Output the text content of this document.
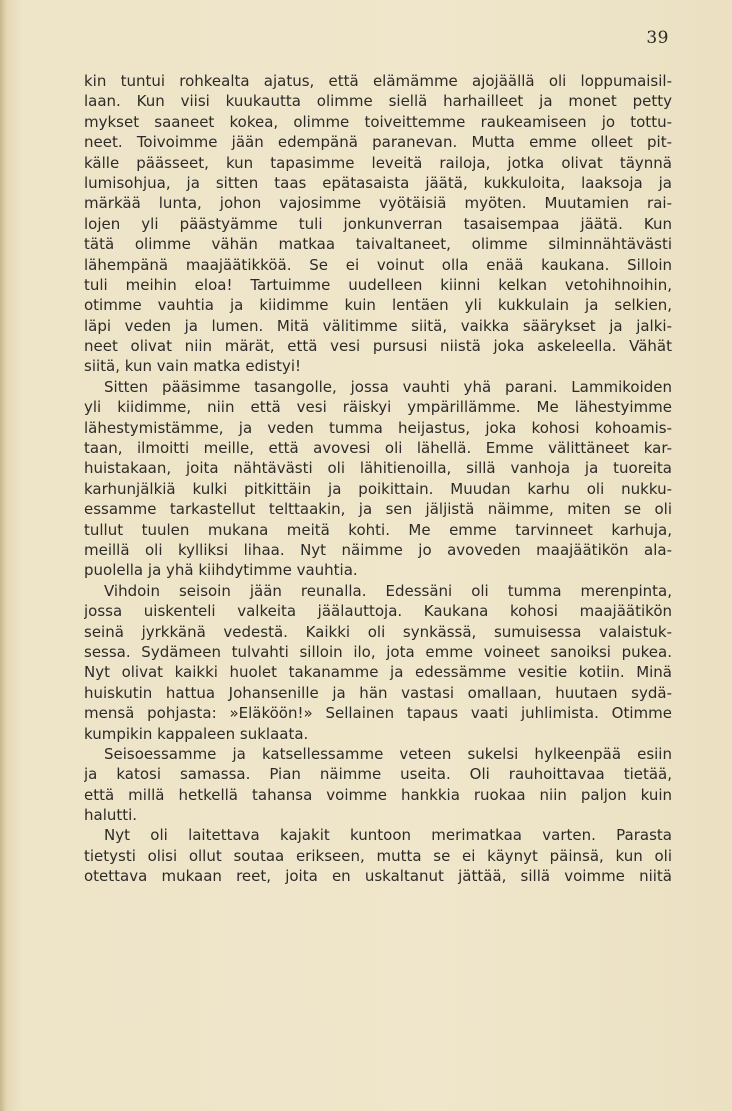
39
kin tuntui rohkealta ajatus, että elämämme ajojäällä oli loppumaisil-
laan. Kun viisi kuukautta olimme siellä harhailleet ja monet petty
mykset saaneet kokea, olimme toiveittemme raukeamiseen jo tottu-
neet. Toivoimme jään edempänä paranevan. Mutta emme olleet pit-
källe päässeet, kun tapasimme leveitä railoja, jotka olivat täynnä
lumisohjua, ja sitten taas epätasaista jäätä, kukkuloita, laaksoja ja
märkää lunta, johon vajosimme vyötäisiä myöten. Muutamien rai-
lojen yli päästyämme tuli jonkunverran tasaisempaa jäätä. Kun
tätä olimme vähän matkaa taivaltaneet, olimme silminnähtävästi
lähempänä maajäätikköä. Se ei voinut olla enää kaukana. Silloin
tuli meihin eloa! Tartuimme uudelleen kiinni kelkan vetohihnoihin,
otimme vauhtia ja kiidimme kuin lentäen yli kukkulain ja selkien,
läpi veden ja lumen. Mitä välitimme siitä, vaikka säärykset ja jalki-
neet olivat niin märät, että vesi pursusi niistä joka askeleella. Vähät
siitä, kun vain matka edistyi!
Sitten pääsimme tasangolle, jossa vauhti yhä parani. Lammikoiden
yli kiidimme, niin että vesi räiskyi ympärillämme. Me lähestyimme
lähestymistämme, ja veden tumma heijastus, joka kohosi kohoamis-
taan, ilmoitti meille, että avovesi oli lähellä. Emme välittäneet kar-
huistakaan, joita nähtävästi oli lähitienoilla, sillä vanhoja ja tuoreita
karhunjälkiä kulki pitkittäin ja poikittain. Muudan karhu oli nukku-
essamme tarkastellut telttaakin, ja sen jäljistä näimme, miten se oli
tullut tuulen mukana meitä kohti. Me emme tarvinneet karhuja,
meillä oli kylliksi lihaa. Nyt näimme jo avoveden maajäätikön ala-
puolella ja yhä kiihdytimme vauhtia.
Vihdoin seisoin jään reunalla. Edessäni oli tumma merenpinta,
jossa uiskenteli valkeita jäälauttoja. Kaukana kohosi maajäätikön
seinä jyrkkänä vedestä. Kaikki oli synkässä, sumuisessa valaistuk-
sessa. Sydämeen tulvahti silloin ilo, jota emme voineet sanoiksi pukea.
Nyt olivat kaikki huolet takanamme ja edessämme vesitie kotiin. Minä
huiskutin hattua Johansenille ja hän vastasi omallaan, huutaen sydä-
mensä pohjasta: »Eläköön!» Sellainen tapaus vaati juhlimista. Otimme
kumpikin kappaleen suklaata.
Seisoessamme ja katsellessamme veteen sukelsi hylkeenpää esiin
ja katosi samassa. Pian näimme useita. Oli rauhoittavaa tietää,
että millä hetkellä tahansa voimme hankkia ruokaa niin paljon kuin
halutti.
Nyt oli laitettava kajakit kuntoon merimatkaa varten. Parasta
tietysti olisi ollut soutaa erikseen, mutta se ei käynyt päinsä, kun oli
otettava mukaan reet, joita en uskaltanut jättää, sillä voimme niitä
